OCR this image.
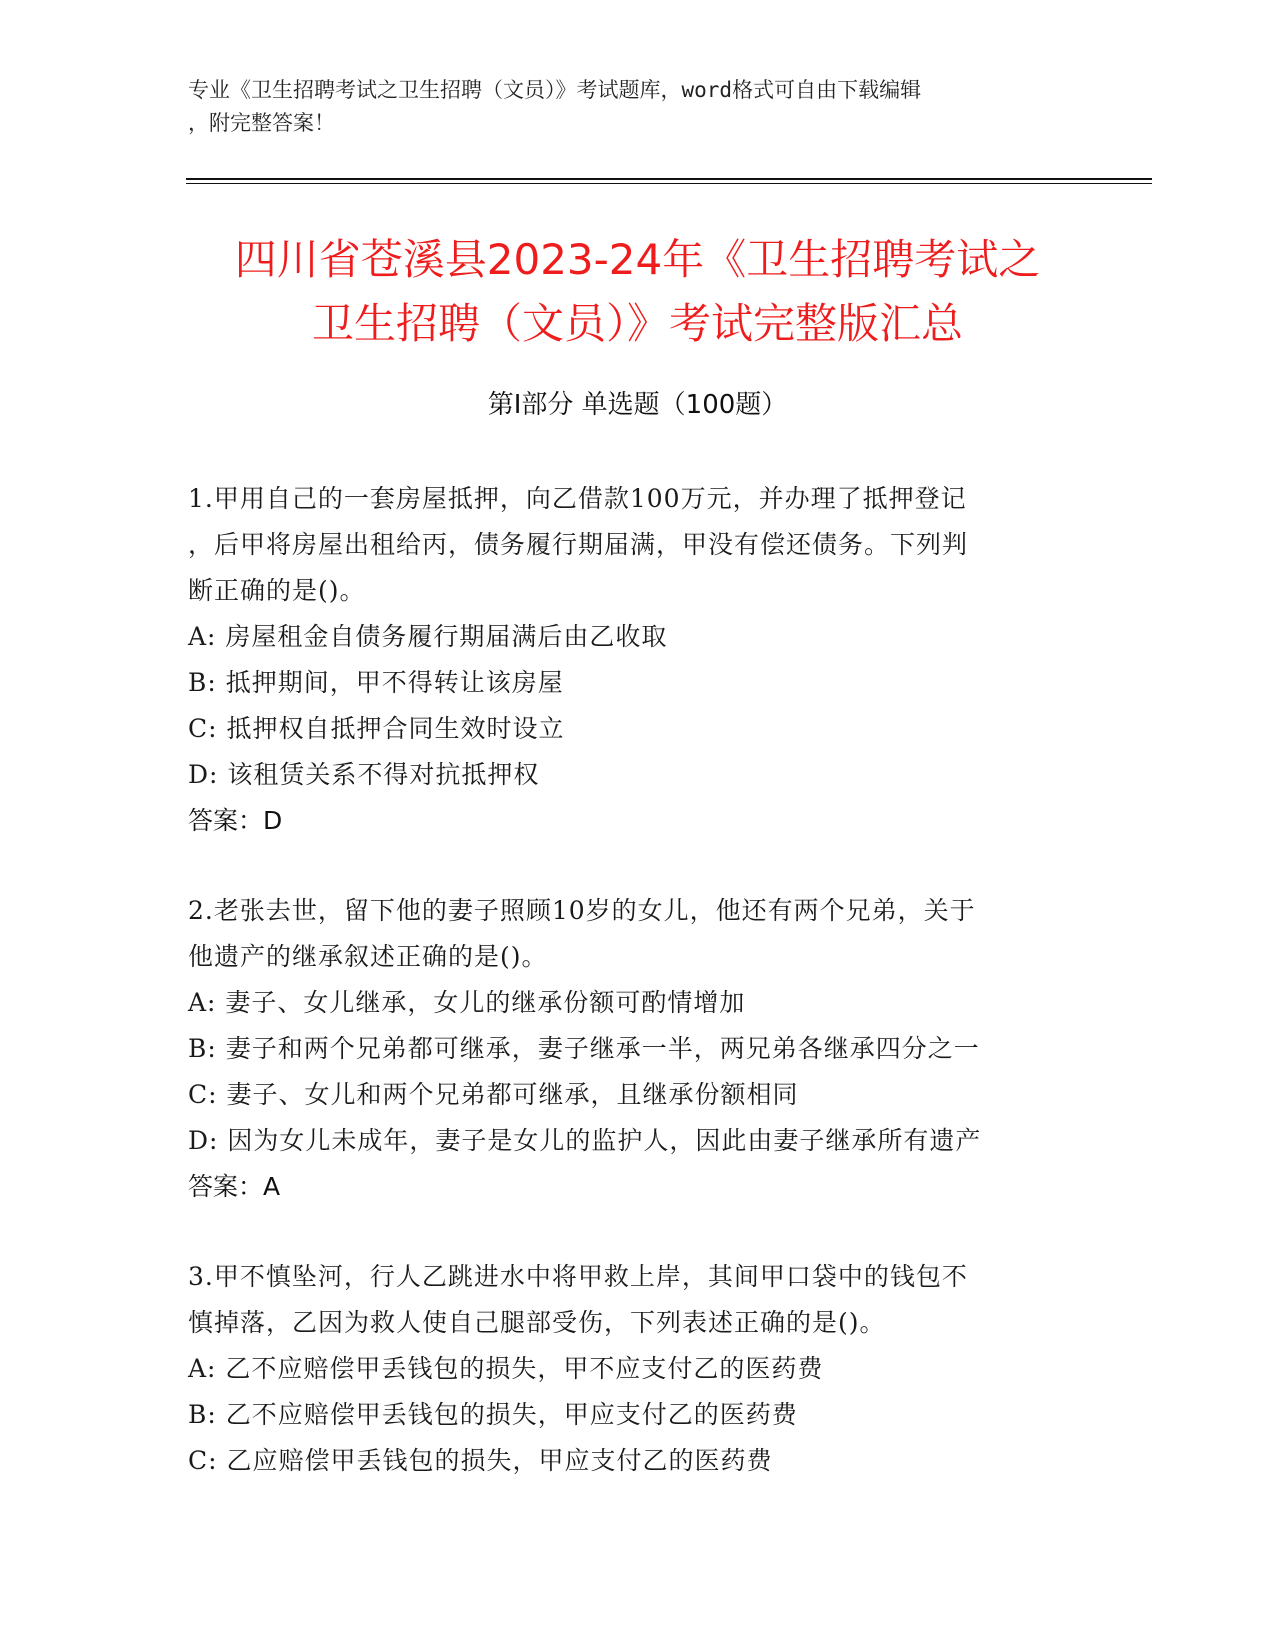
专业《卫生招聘考试之卫生招聘（文员）》考试题库，word格式可自由下载编辑
，附完整答案！
四川省苍溪县2023-24年《卫生招聘考试之
卫生招聘（文员）》考试完整版汇总
第Ⅰ部分 单选题（100题）
1.甲用自己的一套房屋抵押，向乙借款100万元，并办理了抵押登记
，后甲将房屋出租给丙，债务履行期届满，甲没有偿还债务。下列判
断正确的是()。
A: 房屋租金自债务履行期届满后由乙收取
B: 抵押期间，甲不得转让该房屋
C: 抵押权自抵押合同生效时设立
D: 该租赁关系不得对抗抵押权
答案：D
2.老张去世，留下他的妻子照顾10岁的女儿，他还有两个兄弟，关于
他遗产的继承叙述正确的是()。
A: 妻子、女儿继承，女儿的继承份额可酌情增加
B: 妻子和两个兄弟都可继承，妻子继承一半，两兄弟各继承四分之一
C: 妻子、女儿和两个兄弟都可继承，且继承份额相同
D: 因为女儿未成年，妻子是女儿的监护人，因此由妻子继承所有遗产
答案：A
3.甲不慎坠河，行人乙跳进水中将甲救上岸，其间甲口袋中的钱包不
慎掉落，乙因为救人使自己腿部受伤，下列表述正确的是()。
A: 乙不应赔偿甲丢钱包的损失，甲不应支付乙的医药费
B: 乙不应赔偿甲丢钱包的损失，甲应支付乙的医药费
C: 乙应赔偿甲丢钱包的损失，甲应支付乙的医药费
